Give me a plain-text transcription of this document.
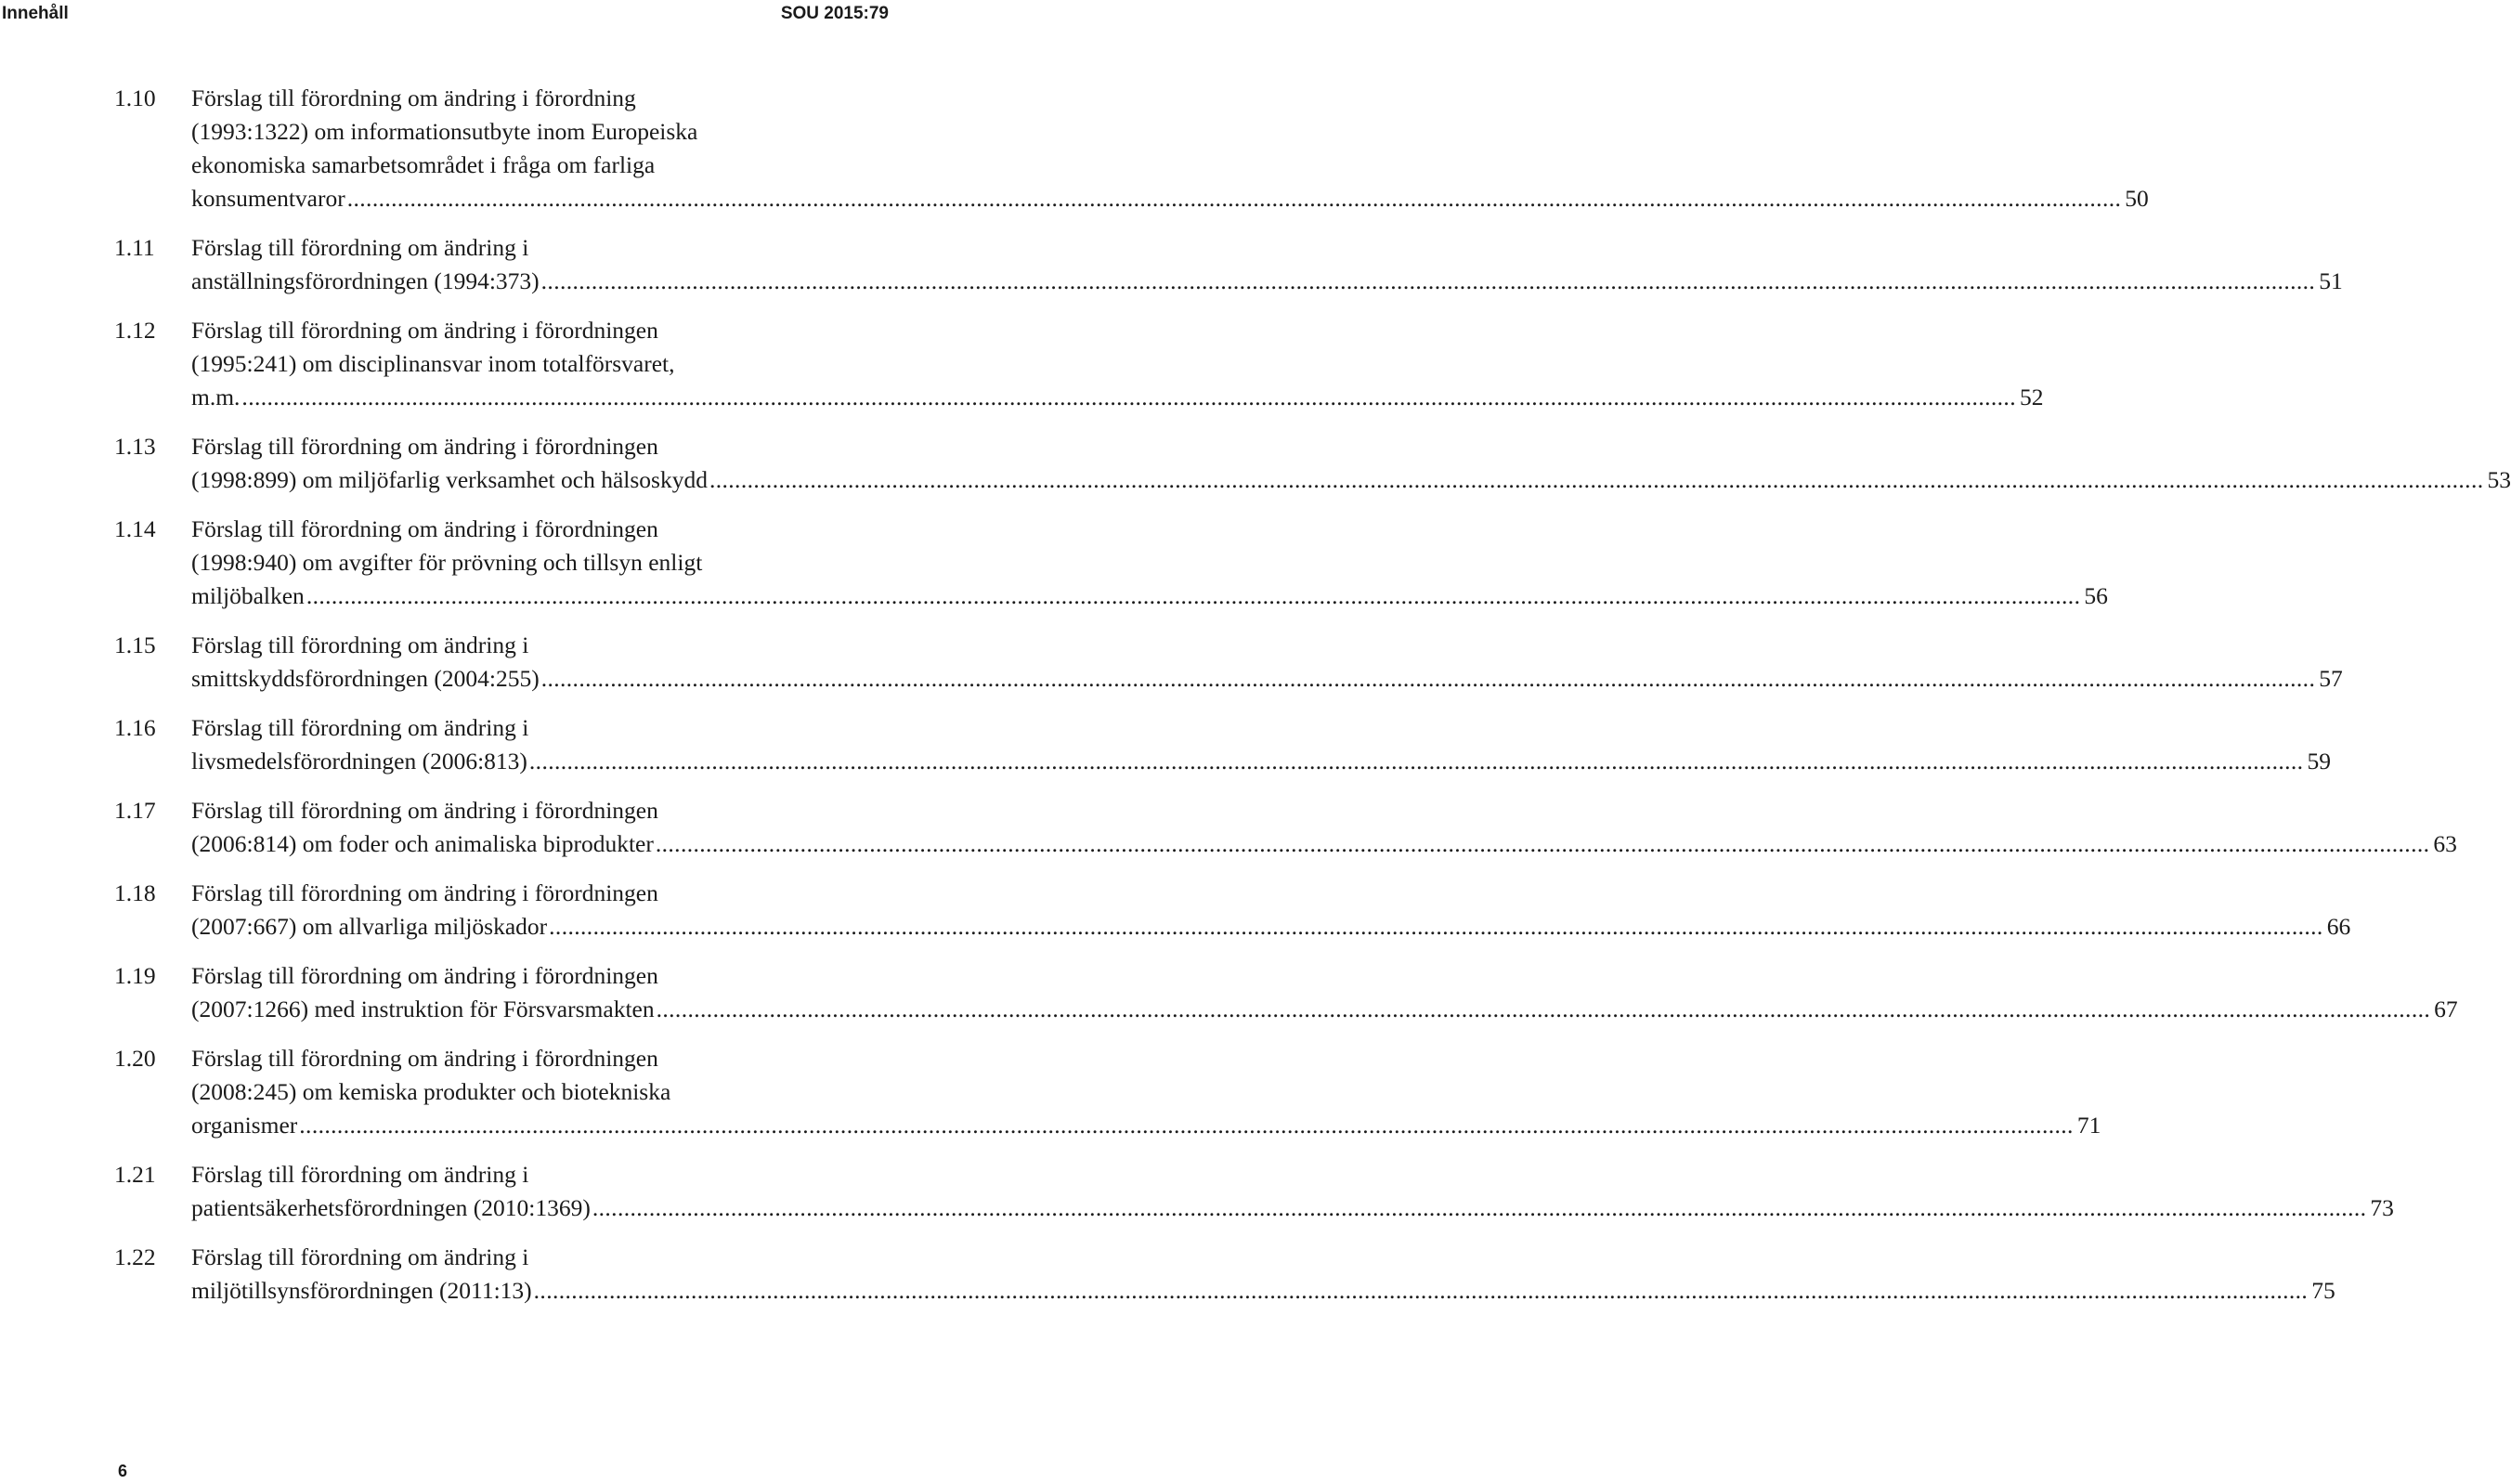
Innehåll	SOU 2015:79
1.10	Förslag till förordning om ändring i förordning
(1993:1322) om informationsutbyte inom Europeiska
ekonomiska samarbetsområdet i fråga om farliga
konsumentvaror .....	50
1.11	Förslag till förordning om ändring i
anställningsförordningen (1994:373) .....	51
1.12	Förslag till förordning om ändring i förordningen
(1995:241) om disciplinansvar inom totalförsvaret,
m.m. .....	52
1.13	Förslag till förordning om ändring i förordningen
(1998:899) om miljöfarlig verksamhet och hälsoskydd .....	53
1.14	Förslag till förordning om ändring i förordningen
(1998:940) om avgifter för prövning och tillsyn enligt
miljöbalken .....	56
1.15	Förslag till förordning om ändring i
smittskyddsförordningen (2004:255) .....	57
1.16	Förslag till förordning om ändring i
livsmedelsförordningen (2006:813) .....	59
1.17	Förslag till förordning om ändring i förordningen
(2006:814) om foder och animaliska biprodukter .....	63
1.18	Förslag till förordning om ändring i förordningen
(2007:667) om allvarliga miljöskador .....	66
1.19	Förslag till förordning om ändring i förordningen
(2007:1266) med instruktion för Försvarsmakten .....	67
1.20	Förslag till förordning om ändring i förordningen
(2008:245) om kemiska produkter och biotekniska
organismer .....	71
1.21	Förslag till förordning om ändring i
patientsäkerhetsförordningen (2010:1369) .....	73
1.22	Förslag till förordning om ändring i
miljötillsynsförordningen (2011:13) .....	75
6
